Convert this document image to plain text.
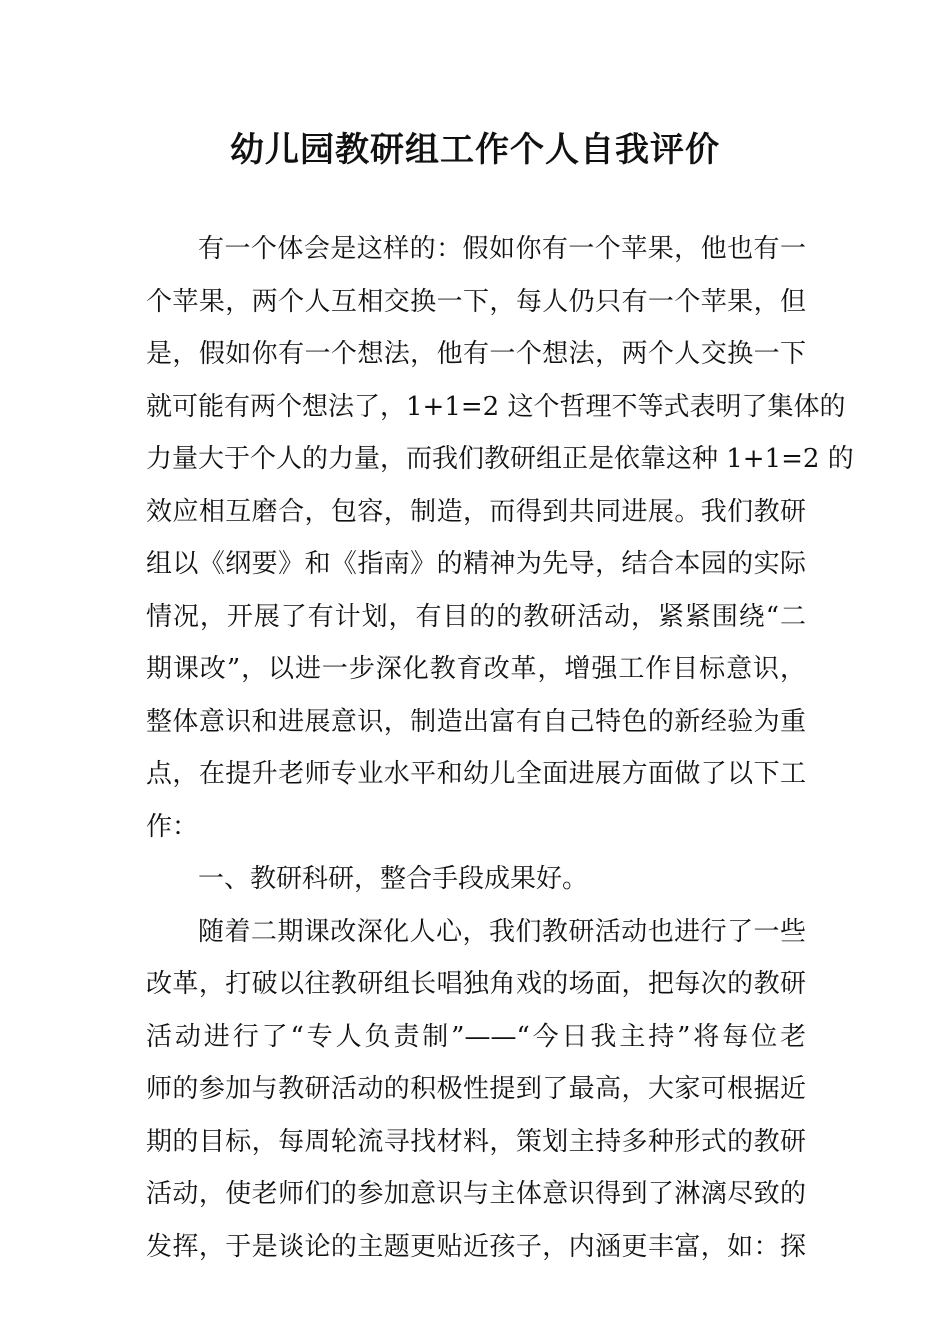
幼儿园教研组工作个人自我评价
有一个体会是这样的：假如你有一个苹果，他也有一
个苹果，两个人互相交换一下，每人仍只有一个苹果，但
是，假如你有一个想法，他有一个想法，两个人交换一下
就可能有两个想法了，1+1=2 这个哲理不等式表明了集体的
力量大于个人的力量，而我们教研组正是依靠这种 1+1=2 的
效应相互磨合，包容，制造，而得到共同进展。我们教研
组以《纲要》和《指南》的精神为先导，结合本园的实际
情况，开展了有计划，有目的的教研活动，紧紧围绕“二
期课改”，以进一步深化教育改革，增强工作目标意识，
整体意识和进展意识，制造出富有自己特色的新经验为重
点，在提升老师专业水平和幼儿全面进展方面做了以下工
作：
一、教研科研，整合手段成果好。
随着二期课改深化人心，我们教研活动也进行了一些
改革，打破以往教研组长唱独角戏的场面，把每次的教研
活动进行了“专人负责制”——“今日我主持”将每位老
师的参加与教研活动的积极性提到了最高，大家可根据近
期的目标，每周轮流寻找材料，策划主持多种形式的教研
活动，使老师们的参加意识与主体意识得到了淋漓尽致的
发挥，于是谈论的主题更贴近孩子，内涵更丰富，如：探
